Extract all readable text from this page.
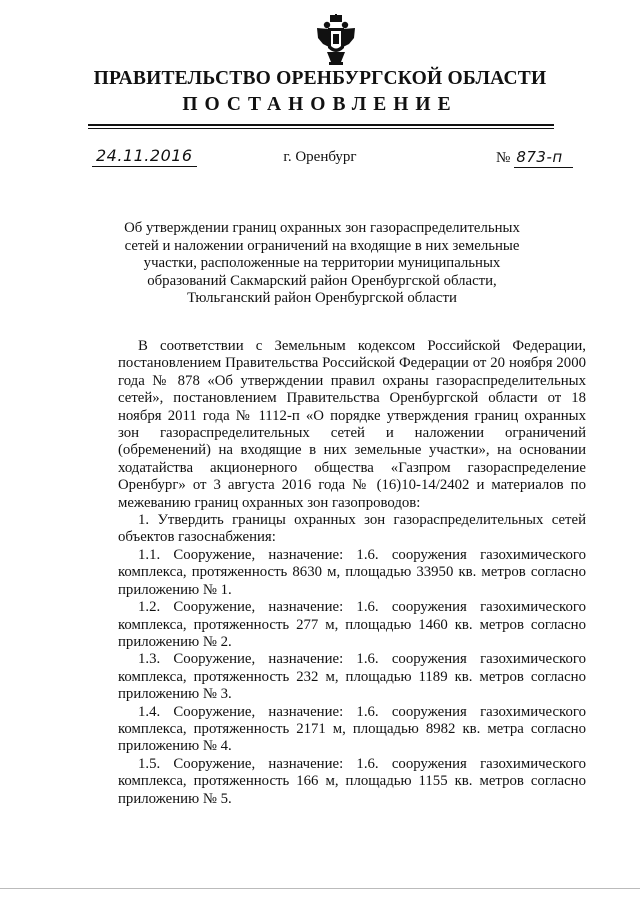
ПРАВИТЕЛЬСТВО ОРЕНБУРГСКОЙ ОБЛАСТИ
ПОСТАНОВЛЕНИЕ
24.11.2016	г. Оренбург	№ 873-п
Об утверждении границ охранных зон газораспределительных
сетей и наложении ограничений на входящие в них земельные
участки, расположенные на территории муниципальных
образований Сакмарский район Оренбургской области,
Тюльганский район Оренбургской области

В соответствии с Земельным кодексом Российской Федерации, постановлением Правительства Российской Федерации от 20 ноября 2000 года № 878 «Об утверждении правил охраны газораспределительных сетей», постановлением Правительства Оренбургской области от 18 ноября 2011 года № 1112-п «О порядке утверждения границ охранных зон газораспределительных сетей и наложении ограничений (обременений) на входящие в них земельные участки», на основании ходатайства акционерного общества «Газпром газораспределение Оренбург» от 3 августа 2016 года № (16)10-14/2402 и материалов по межеванию границ охранных зон газопроводов:

1. Утвердить границы охранных зон газораспределительных сетей объектов газоснабжения:

1.1. Сооружение, назначение: 1.6. сооружения газохимического комплекса, протяженность 8630 м, площадью 33950 кв. метров согласно приложению № 1.

1.2. Сооружение, назначение: 1.6. сооружения газохимического комплекса, протяженность 277 м, площадью 1460 кв. метров согласно приложению № 2.

1.3. Сооружение, назначение: 1.6. сооружения газохимического комплекса, протяженность 232 м, площадью 1189 кв. метров согласно приложению № 3.

1.4. Сооружение, назначение: 1.6. сооружения газохимического комплекса, протяженность 2171 м, площадью 8982 кв. метра согласно приложению № 4.

1.5. Сооружение, назначение: 1.6. сооружения газохимического комплекса, протяженность 166 м, площадью 1155 кв. метров согласно приложению № 5.
